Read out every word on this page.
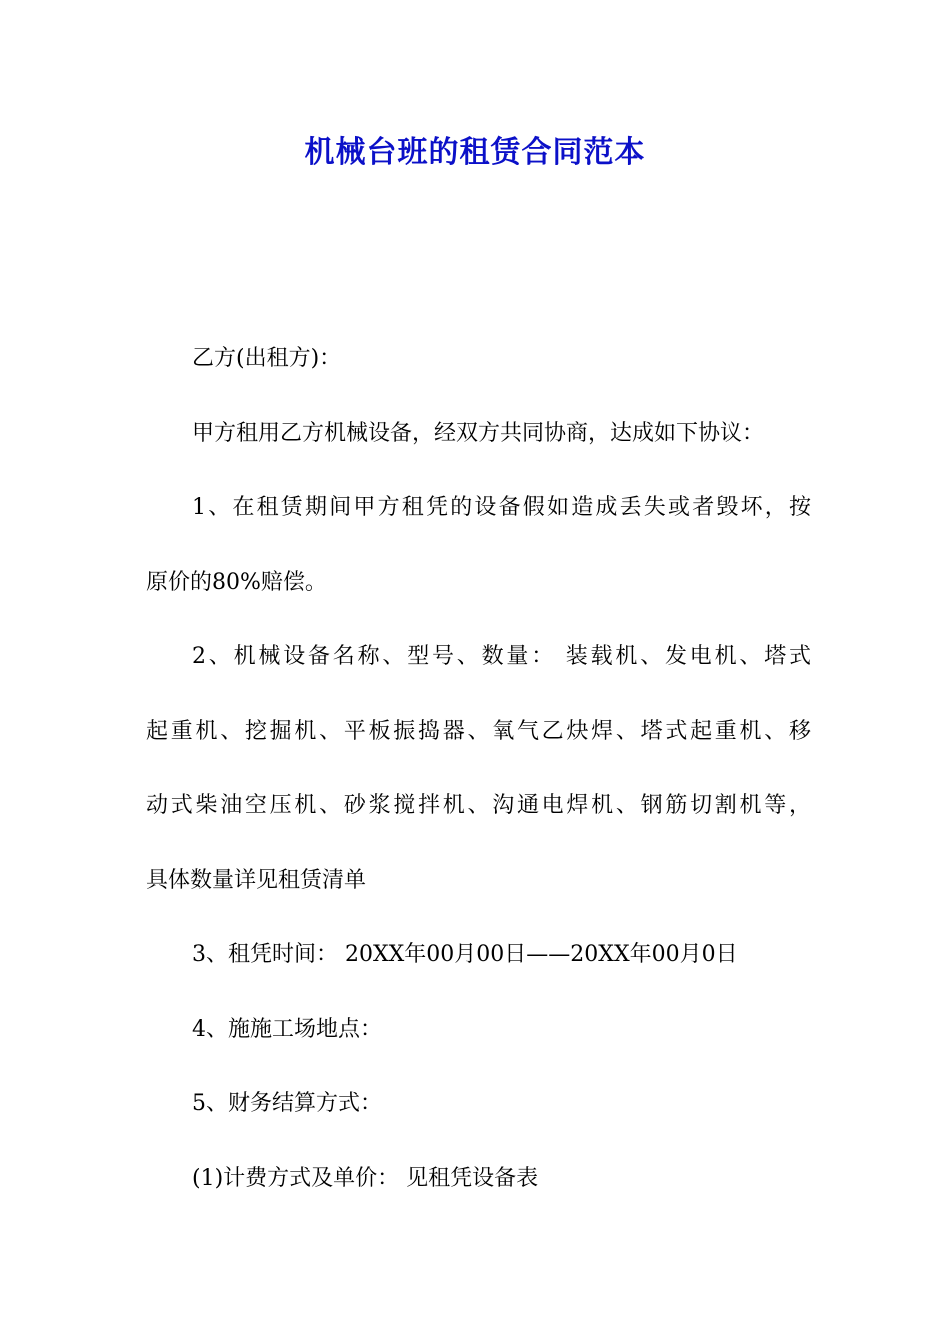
机械台班的租赁合同范本
乙方(出租方)：
甲方租用乙方机械设备，经双方共同协商，达成如下协议：
1、在租赁期间甲方租凭的设备假如造成丢失或者毁坏，按
原价的80%赔偿。
2、机械设备名称、型号、数量： 装载机、发电机、塔式
起重机、挖掘机、平板振捣器、氧气乙炔焊、塔式起重机、移
动式柴油空压机、砂浆搅拌机、沟通电焊机、钢筋切割机等，
具体数量详见租赁清单
3、租凭时间： 20XX年00月00日——20XX年00月0日
4、施施工场地点：
5、财务结算方式：
(1)计费方式及单价： 见租凭设备表
